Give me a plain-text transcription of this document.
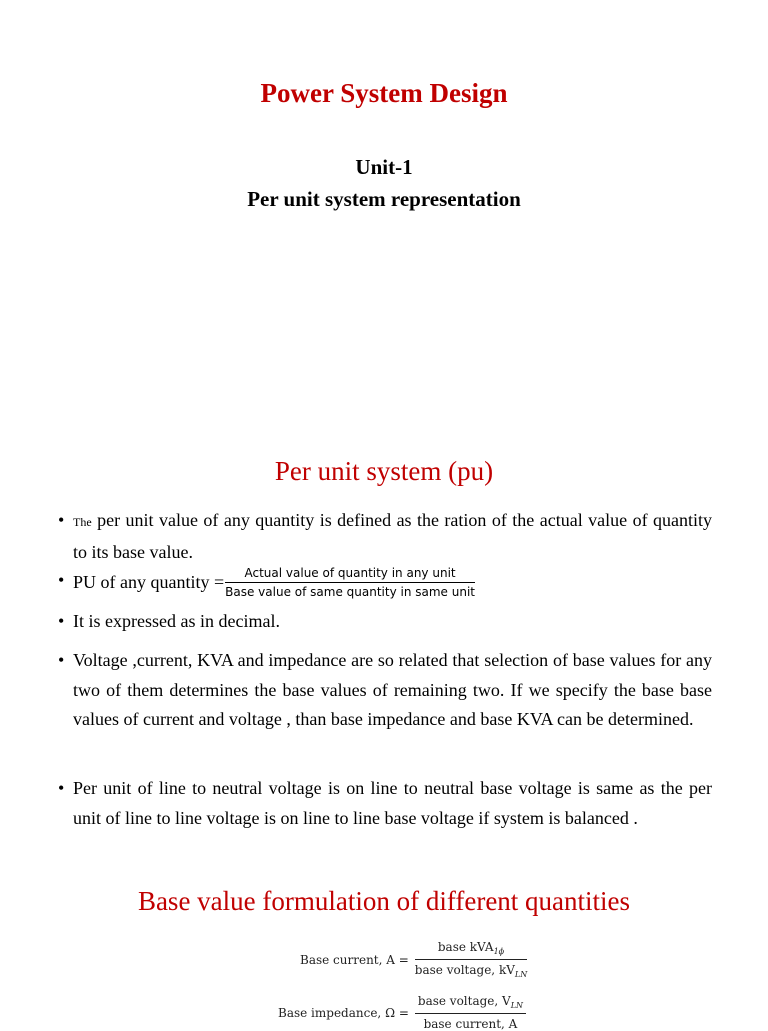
Power System Design
Unit-1
Per unit system representation
Per unit system (pu)
• The per unit value of any quantity is defined as the ration of the actual value of quantity to its base value.
• PU of any quantity = $\frac{\text{Actual value of quantity in any unit}}{\text{Base value of same quantity in same unit}}$
• It is expressed as in decimal.
• Voltage ,current, KVA and impedance are so related that selection of base values for any two of them determines the base values of remaining two. If we specify the base base values of current and voltage , than base impedance and base KVA can be determined.
• Per unit of line to neutral voltage is on line to neutral base voltage is same as the per unit of line to line voltage is on line to line base voltage if system is balanced .
Base value formulation of different quantities
Base current, A =
base kVA$_{1\phi}$
base voltage, $kV_{LN}$
Base impedance, Ω =
base voltage, $V_{LN}$
base current, A
